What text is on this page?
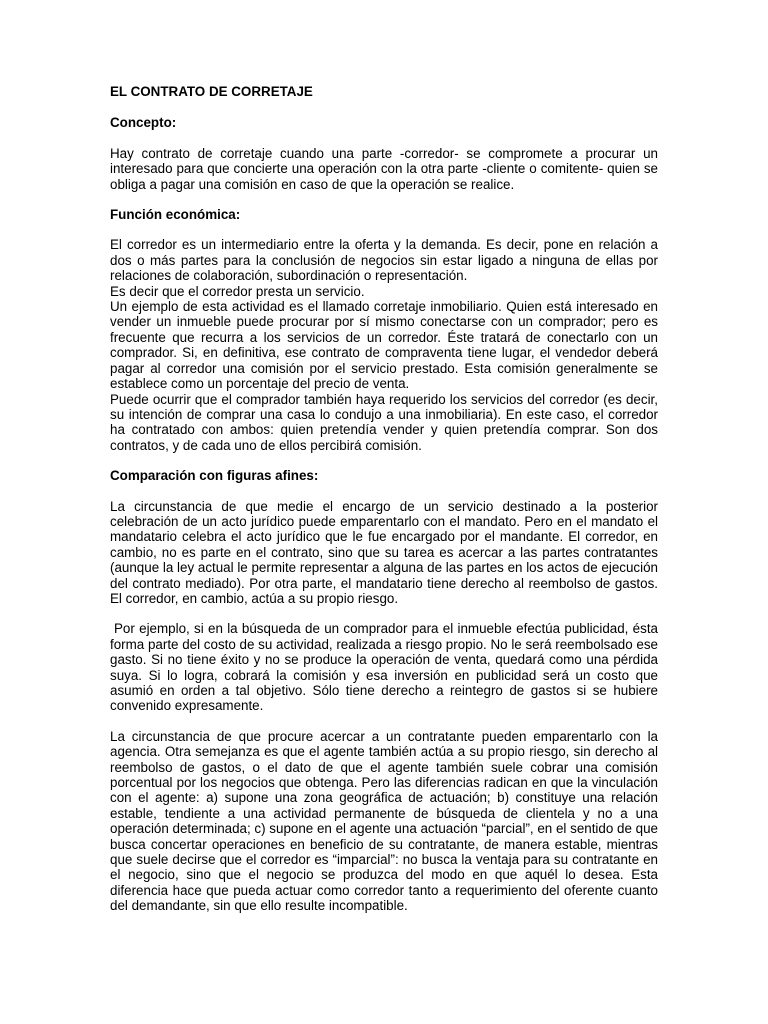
EL CONTRATO DE CORRETAJE
Concepto:

Hay contrato de corretaje cuando una parte -corredor- se compromete a procurar un interesado para que concierte una operación con la otra parte -cliente o comitente- quien se obliga a pagar una comisión en caso de que la operación se realice.

Función económica:

El corredor es un intermediario entre la oferta y la demanda. Es decir, pone en relación a dos o más partes para la conclusión de negocios sin estar ligado a ninguna de ellas por relaciones de colaboración, subordinación o representación.

Es decir que el corredor presta un servicio.

Un ejemplo de esta actividad es el llamado corretaje inmobiliario. Quien está interesado en vender un inmueble puede procurar por sí mismo conectarse con un comprador; pero es frecuente que recurra a los servicios de un corredor. Éste tratará de conectarlo con un comprador. Si, en definitiva, ese contrato de compraventa tiene lugar, el vendedor deberá pagar al corredor una comisión por el servicio prestado. Esta comisión generalmente se establece como un porcentaje del precio de venta.

Puede ocurrir que el comprador también haya requerido los servicios del corredor (es decir, su intención de comprar una casa lo condujo a una inmobiliaria). En este caso, el corredor ha contratado con ambos: quien pretendía vender y quien pretendía comprar. Son dos contratos, y de cada uno de ellos percibirá comisión.

Comparación con figuras afines:

La circunstancia de que medie el encargo de un servicio destinado a la posterior celebración de un acto jurídico puede emparentarlo con el mandato. Pero en el mandato el mandatario celebra el acto jurídico que le fue encargado por el mandante. El corredor, en cambio, no es parte en el contrato, sino que su tarea es acercar a las partes contratantes (aunque la ley actual le permite representar a alguna de las partes en los actos de ejecución del contrato mediado). Por otra parte, el mandatario tiene derecho al reembolso de gastos. El corredor, en cambio, actúa a su propio riesgo.

Por ejemplo, si en la búsqueda de un comprador para el inmueble efectúa publicidad, ésta forma parte del costo de su actividad, realizada a riesgo propio. No le será reembolsado ese gasto. Si no tiene éxito y no se produce la operación de venta, quedará como una pérdida suya. Si lo logra, cobrará la comisión y esa inversión en publicidad será un costo que asumió en orden a tal objetivo. Sólo tiene derecho a reintegro de gastos si se hubiere convenido expresamente.

La circunstancia de que procure acercar a un contratante pueden emparentarlo con la agencia. Otra semejanza es que el agente también actúa a su propio riesgo, sin derecho al reembolso de gastos, o el dato de que el agente también suele cobrar una comisión porcentual por los negocios que obtenga. Pero las diferencias radican en que la vinculación con el agente: a) supone una zona geográfica de actuación; b) constituye una relación estable, tendiente a una actividad permanente de búsqueda de clientela y no a una operación determinada; c) supone en el agente una actuación “parcial”, en el sentido de que busca concertar operaciones en beneficio de su contratante, de manera estable, mientras que suele decirse que el corredor es “imparcial”: no busca la ventaja para su contratante en el negocio, sino que el negocio se produzca del modo en que aquél lo desea. Esta diferencia hace que pueda actuar como corredor tanto a requerimiento del oferente cuanto del demandante, sin que ello resulte incompatible.
